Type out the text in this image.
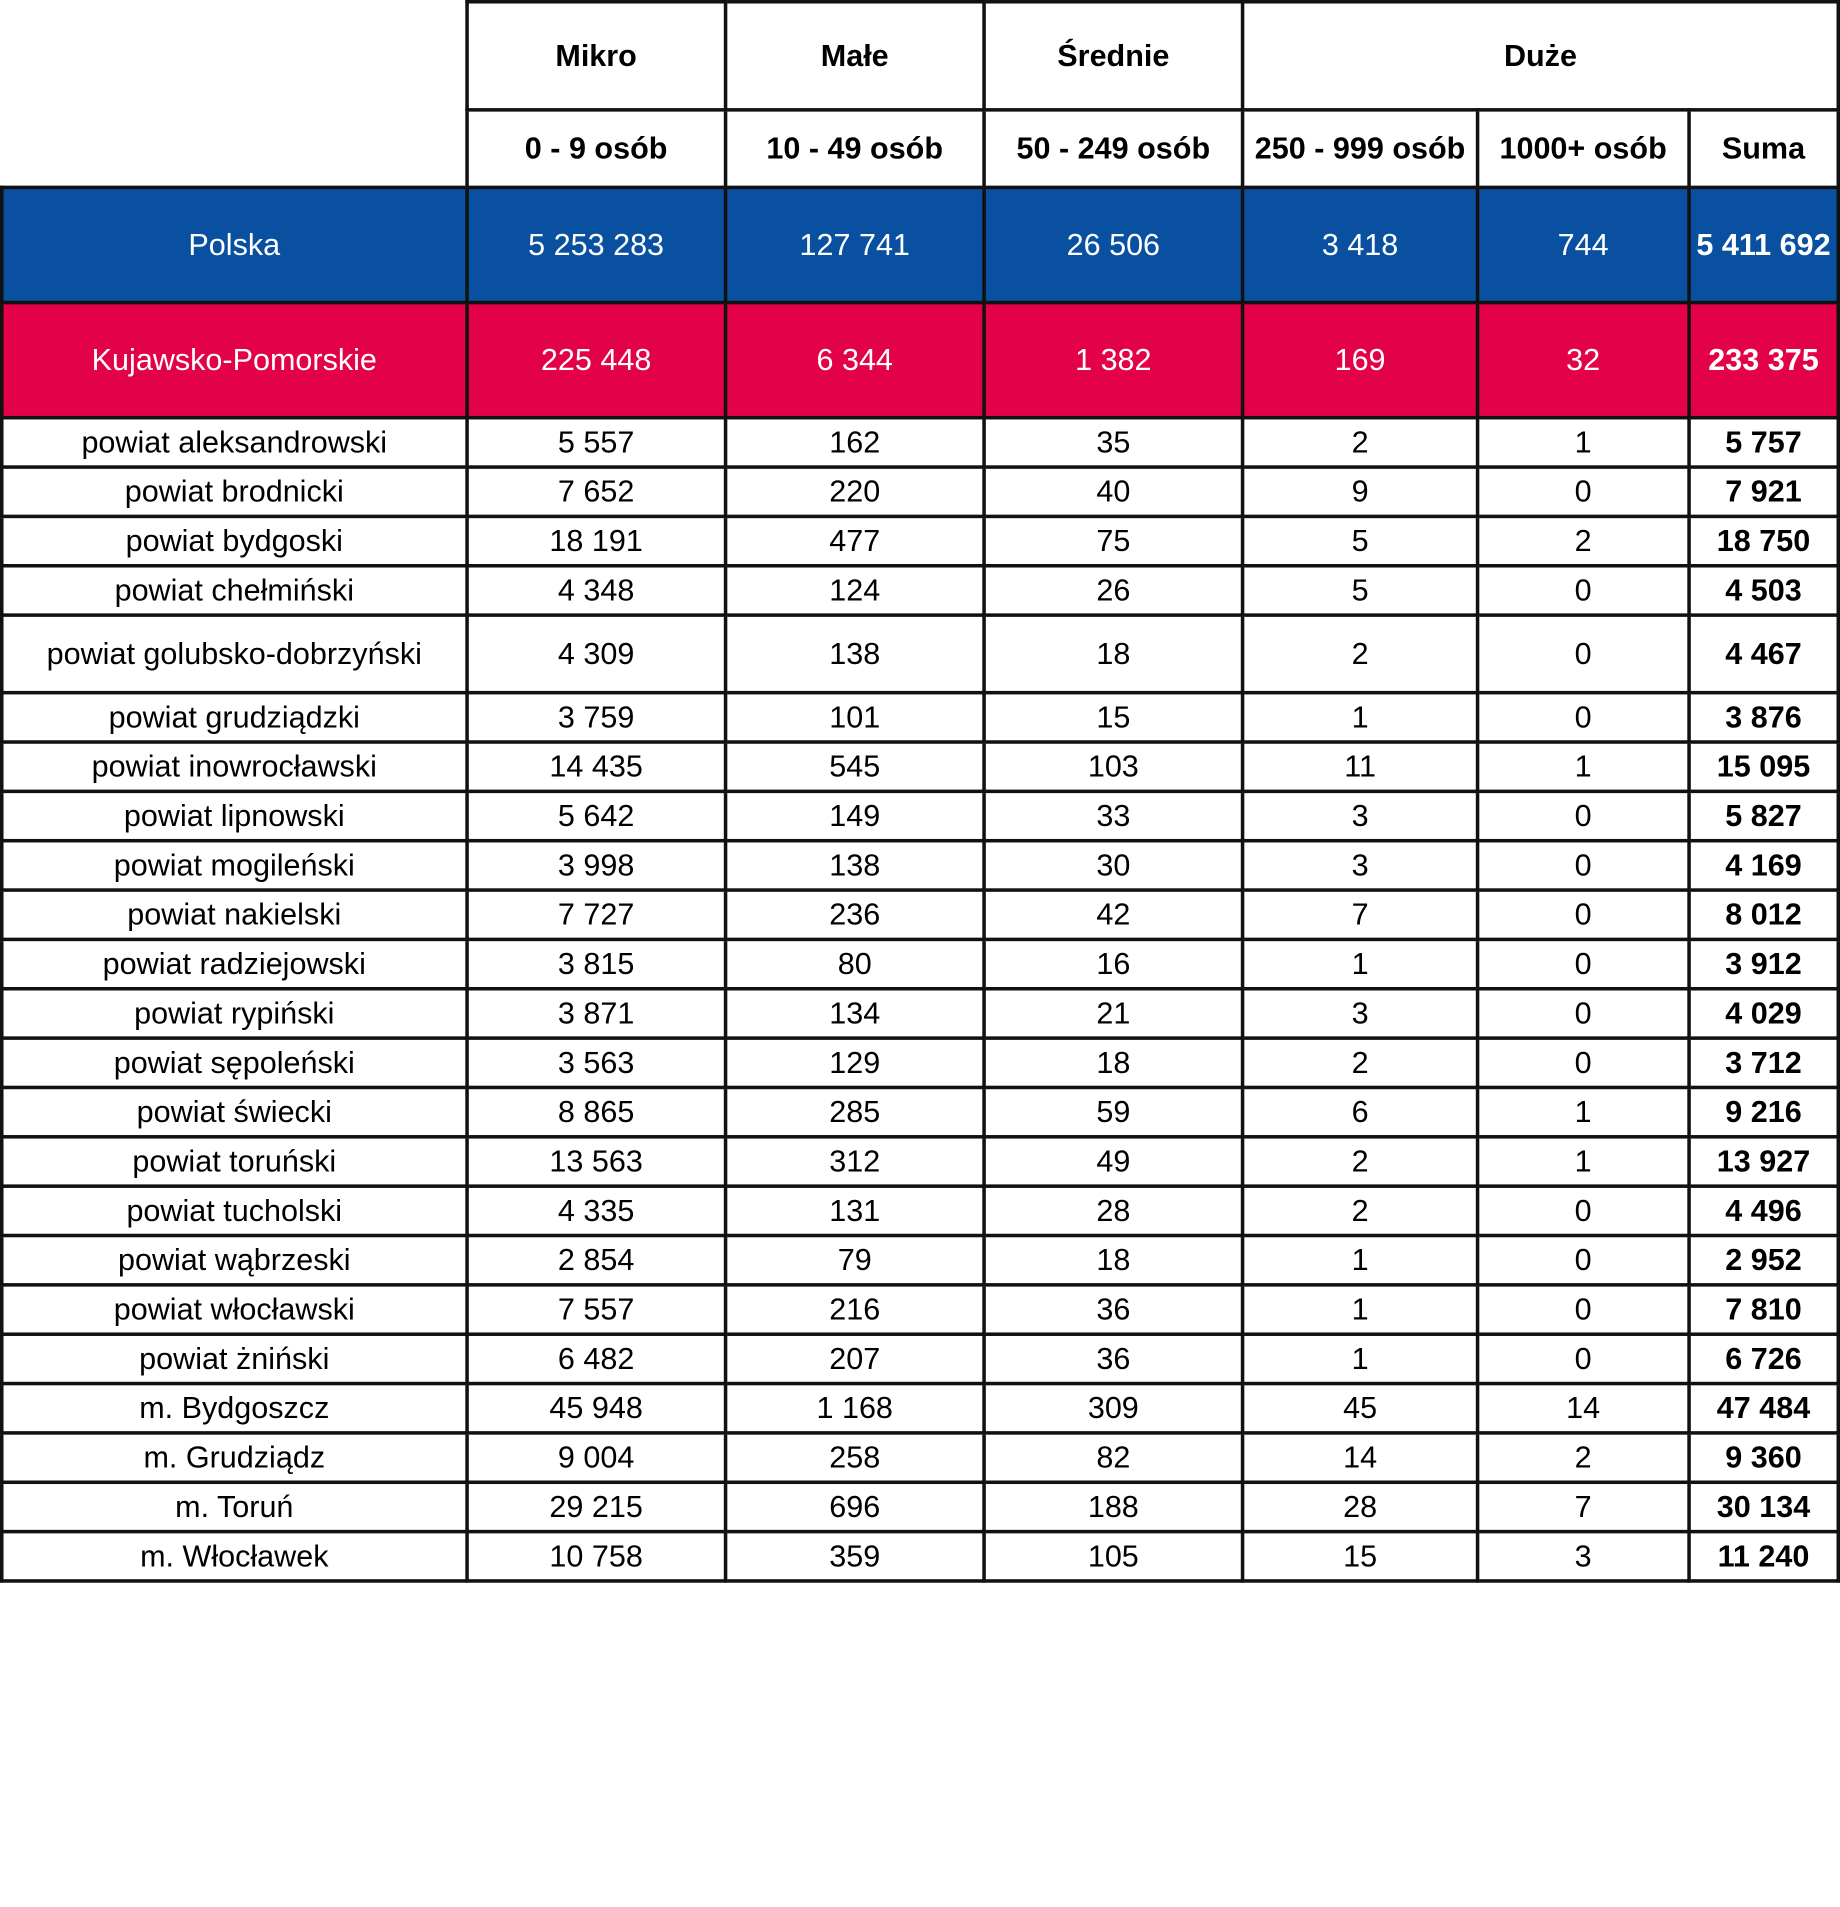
	Mikro	Małe	Średnie	Duże		
	0 - 9 osób	10 - 49 osób	50 - 249 osób	250 - 999 osób	1000+ osób	Suma
Polska	5 253 283	127 741	26 506	3 418	744	5 411 692
Kujawsko-Pomorskie	225 448	6 344	1 382	169	32	233 375
powiat aleksandrowski	5 557	162	35	2	1	5 757
powiat brodnicki	7 652	220	40	9	0	7 921
powiat bydgoski	18 191	477	75	5	2	18 750
powiat chełmiński	4 348	124	26	5	0	4 503
powiat golubsko-dobrzyński	4 309	138	18	2	0	4 467
powiat grudziądzki	3 759	101	15	1	0	3 876
powiat inowrocławski	14 435	545	103	11	1	15 095
powiat lipnowski	5 642	149	33	3	0	5 827
powiat mogileński	3 998	138	30	3	0	4 169
powiat nakielski	7 727	236	42	7	0	8 012
powiat radziejowski	3 815	80	16	1	0	3 912
powiat rypiński	3 871	134	21	3	0	4 029
powiat sępoleński	3 563	129	18	2	0	3 712
powiat świecki	8 865	285	59	6	1	9 216
powiat toruński	13 563	312	49	2	1	13 927
powiat tucholski	4 335	131	28	2	0	4 496
powiat wąbrzeski	2 854	79	18	1	0	2 952
powiat włocławski	7 557	216	36	1	0	7 810
powiat żniński	6 482	207	36	1	0	6 726
m. Bydgoszcz	45 948	1 168	309	45	14	47 484
m. Grudziądz	9 004	258	82	14	2	9 360
m. Toruń	29 215	696	188	28	7	30 134
m. Włocławek	10 758	359	105	15	3	11 240
